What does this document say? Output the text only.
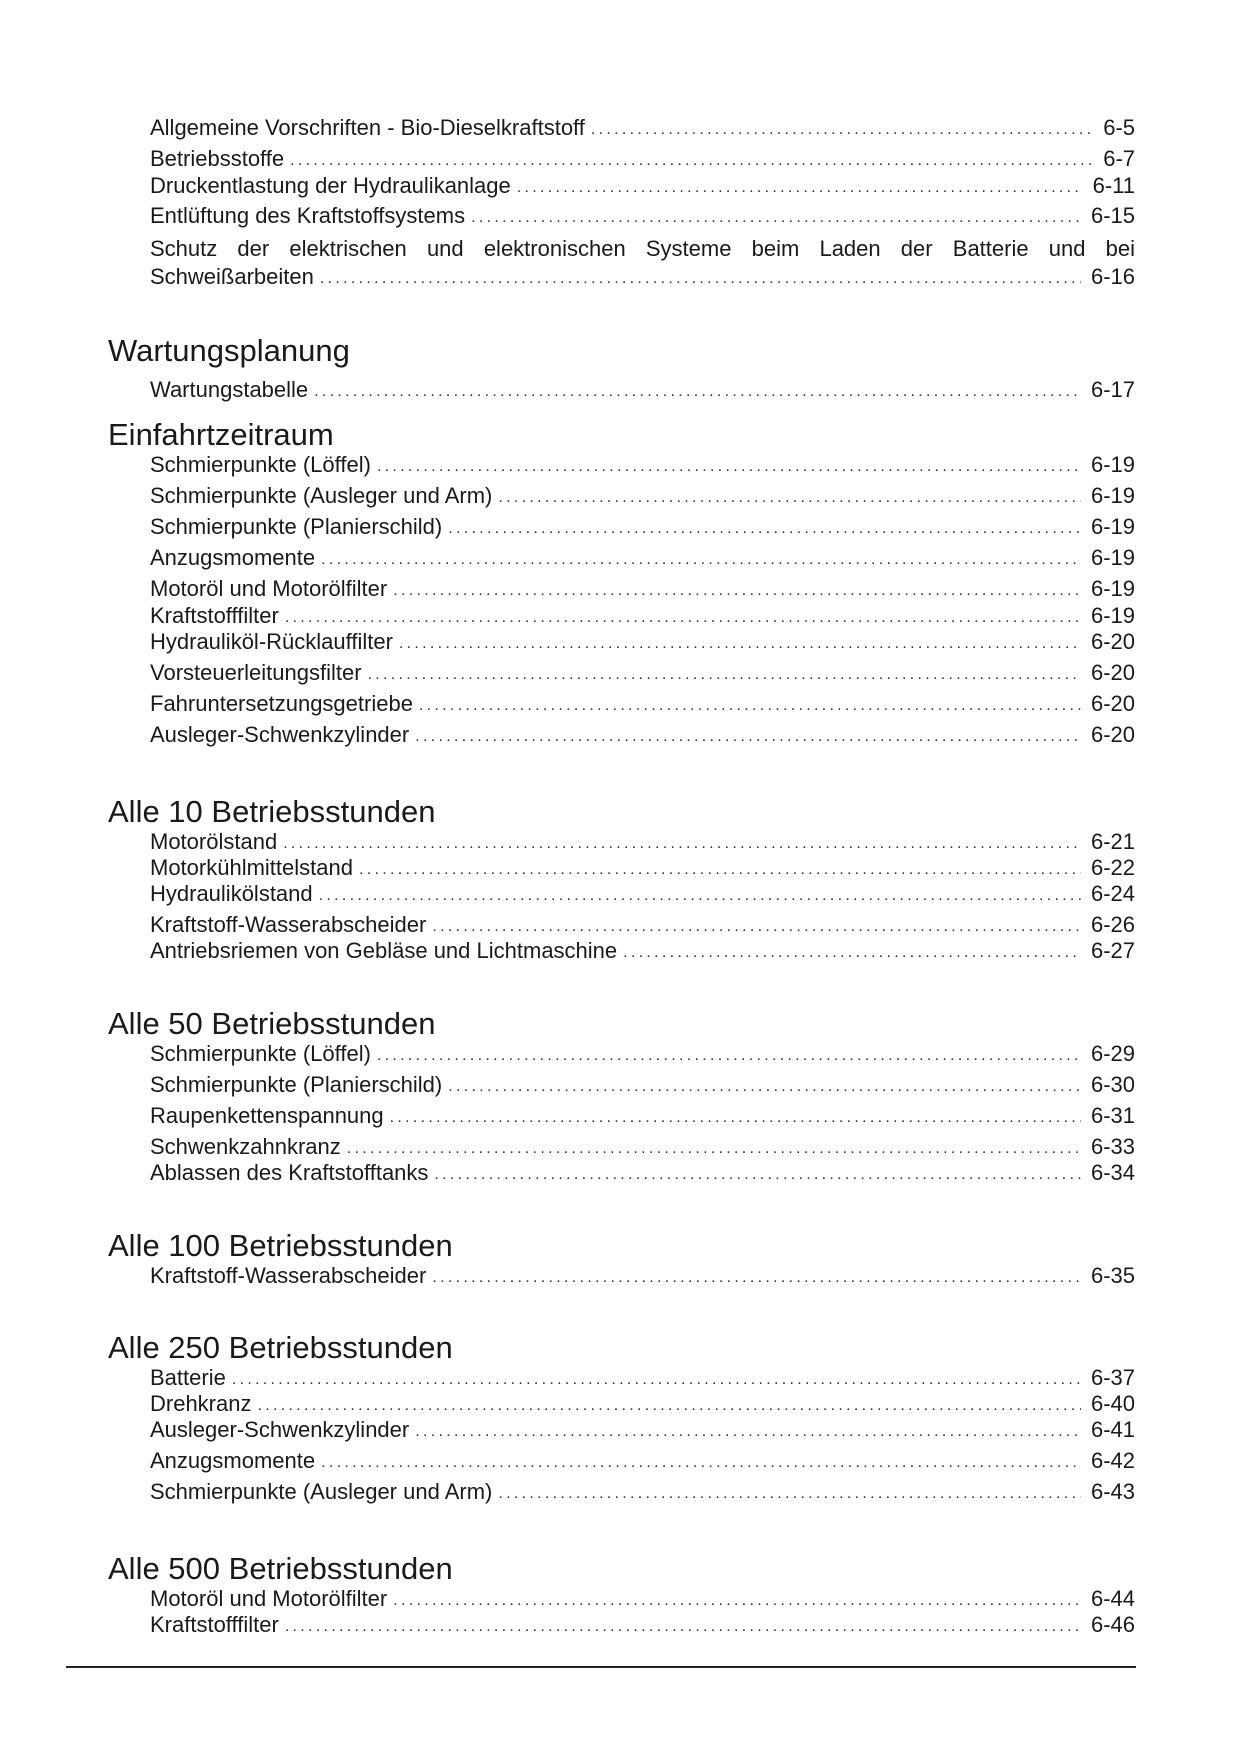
Allgemeine Vorschriften - Bio-Dieselkraftstoff .....	6-5
Betriebsstoffe .....	6-7
Druckentlastung der Hydraulikanlage .....	6-11
Entlüftung des Kraftstoffsystems .....	6-15
Schutz der elektrischen und elektronischen Systeme beim Laden der Batterie und bei
Schweißarbeiten .....	6-16
Wartungsplanung
Wartungstabelle .....	6-17
Einfahrtzeitraum
Schmierpunkte (Löffel) .....	6-19
Schmierpunkte (Ausleger und Arm) .....	6-19
Schmierpunkte (Planierschild) .....	6-19
Anzugsmomente .....	6-19
Motoröl und Motorölfilter .....	6-19
Kraftstofffilter .....	6-19
Hydrauliköl-Rücklauffilter .....	6-20
Vorsteuerleitungsfilter .....	6-20
Fahruntersetzungsgetriebe .....	6-20
Ausleger-Schwenkzylinder .....	6-20
Alle 10 Betriebsstunden
Motorölstand .....	6-21
Motorkühlmittelstand .....	6-22
Hydraulikölstand .....	6-24
Kraftstoff-Wasserabscheider .....	6-26
Antriebsriemen von Gebläse und Lichtmaschine .....	6-27
Alle 50 Betriebsstunden
Schmierpunkte (Löffel) .....	6-29
Schmierpunkte (Planierschild) .....	6-30
Raupenkettenspannung .....	6-31
Schwenkzahnkranz .....	6-33
Ablassen des Kraftstofftanks .....	6-34
Alle 100 Betriebsstunden
Kraftstoff-Wasserabscheider .....	6-35
Alle 250 Betriebsstunden
Batterie .....	6-37
Drehkranz .....	6-40
Ausleger-Schwenkzylinder .....	6-41
Anzugsmomente .....	6-42
Schmierpunkte (Ausleger und Arm) .....	6-43
Alle 500 Betriebsstunden
Motoröl und Motorölfilter .....	6-44
Kraftstofffilter .....	6-46
